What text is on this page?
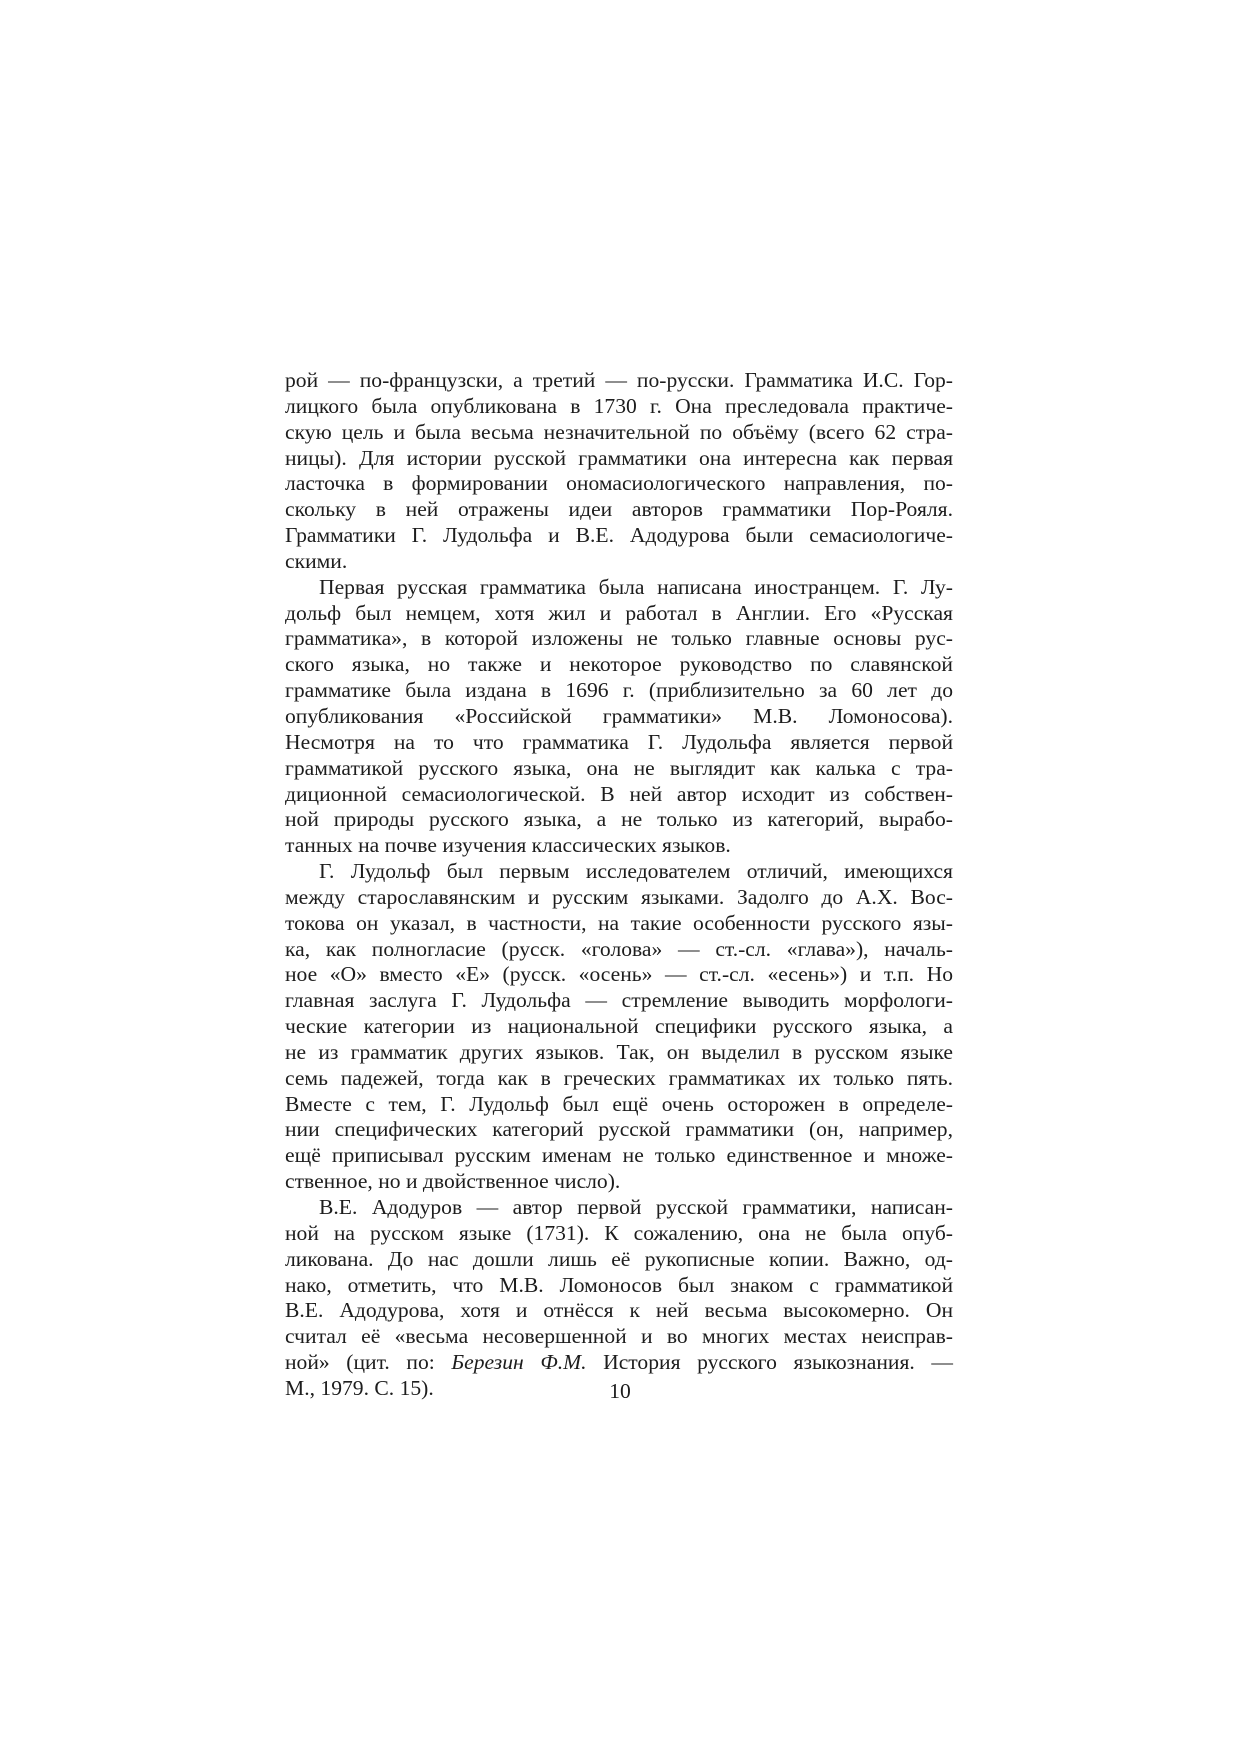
рой — по-французски, а третий — по-русски. Грамматика И.С. Гор-
лицкого была опубликована в 1730 г. Она преследовала практиче-
скую цель и была весьма незначительной по объёму (всего 62 стра-
ницы). Для истории русской грамматики она интересна как первая
ласточка в формировании ономасиологического направления, по-
скольку в ней отражены идеи авторов грамматики Пор-Рояля.
Грамматики Г. Лудольфа и В.Е. Адодурова были семасиологиче-
скими.

Первая русская грамматика была написана иностранцем. Г. Лу-
дольф был немцем, хотя жил и работал в Англии. Его «Русская
грамматика», в которой изложены не только главные основы рус-
ского языка, но также и некоторое руководство по славянской
грамматике была издана в 1696 г. (приблизительно за 60 лет до
опубликования «Российской грамматики» М.В. Ломоносова).
Несмотря на то что грамматика Г. Лудольфа является первой
грамматикой русского языка, она не выглядит как калька с тра-
диционной семасиологической. В ней автор исходит из собствен-
ной природы русского языка, а не только из категорий, вырабо-
танных на почве изучения классических языков.

Г. Лудольф был первым исследователем отличий, имеющихся
между старославянским и русским языками. Задолго до А.Х. Вос-
токова он указал, в частности, на такие особенности русского язы-
ка, как полногласие (русск. «голова» — ст.-сл. «глава»), началь-
ное «О» вместо «Е» (русск. «осень» — ст.-сл. «есень») и т.п. Но
главная заслуга Г. Лудольфа — стремление выводить морфологи-
ческие категории из национальной специфики русского языка, а
не из грамматик других языков. Так, он выделил в русском языке
семь падежей, тогда как в греческих грамматиках их только пять.
Вместе с тем, Г. Лудольф был ещё очень осторожен в определе-
нии специфических категорий русской грамматики (он, например,
ещё приписывал русским именам не только единственное и множе-
ственное, но и двойственное число).

В.Е. Адодуров — автор первой русской грамматики, написан-
ной на русском языке (1731). К сожалению, она не была опуб-
ликована. До нас дошли лишь её рукописные копии. Важно, од-
нако, отметить, что М.В. Ломоносов был знаком с грамматикой
В.Е. Адодурова, хотя и отнёсся к ней весьма высокомерно. Он
считал её «весьма несовершенной и во многих местах неисправ-
ной» (цит. по: Березин Ф.М. История русского языкознания. —
М., 1979. С. 15).	10
